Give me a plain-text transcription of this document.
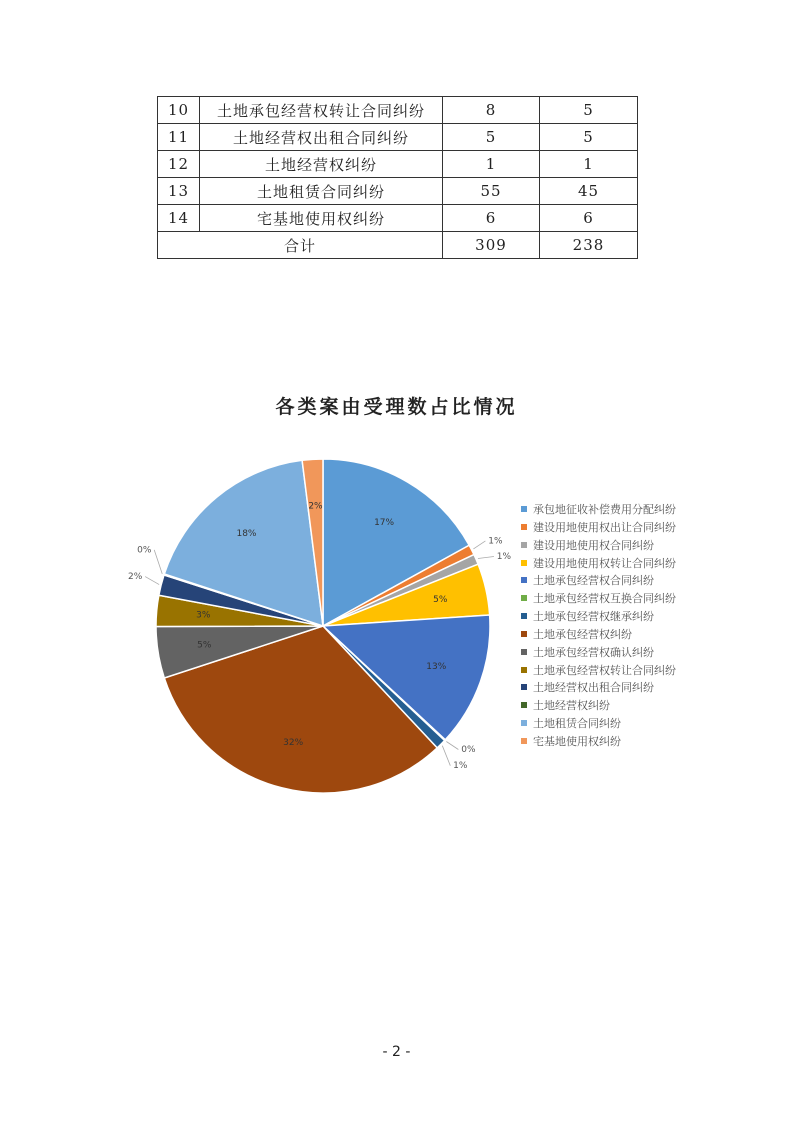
10	土地承包经营权转让合同纠纷	8	5
11	土地经营权出租合同纠纷	5	5
12	土地经营权纠纷	1	1
13	土地租赁合同纠纷	55	45
14	宅基地使用权纠纷	6	6
合计		309	238
各类案由受理数占比情况
17%
1%
1%
5%
13%
0%
1%
32%
5%
3%
2%
0%
18%
2%	承包地征收补偿费用分配纠纷
建设用地使用权出让合同纠纷
建设用地使用权合同纠纷
建设用地使用权转让合同纠纷
土地承包经营权合同纠纷
土地承包经营权互换合同纠纷
土地承包经营权继承纠纷
土地承包经营权纠纷
土地承包经营权确认纠纷
土地承包经营权转让合同纠纷
土地经营权出租合同纠纷
土地经营权纠纷
土地租赁合同纠纷
宅基地使用权纠纷
- 2 -
